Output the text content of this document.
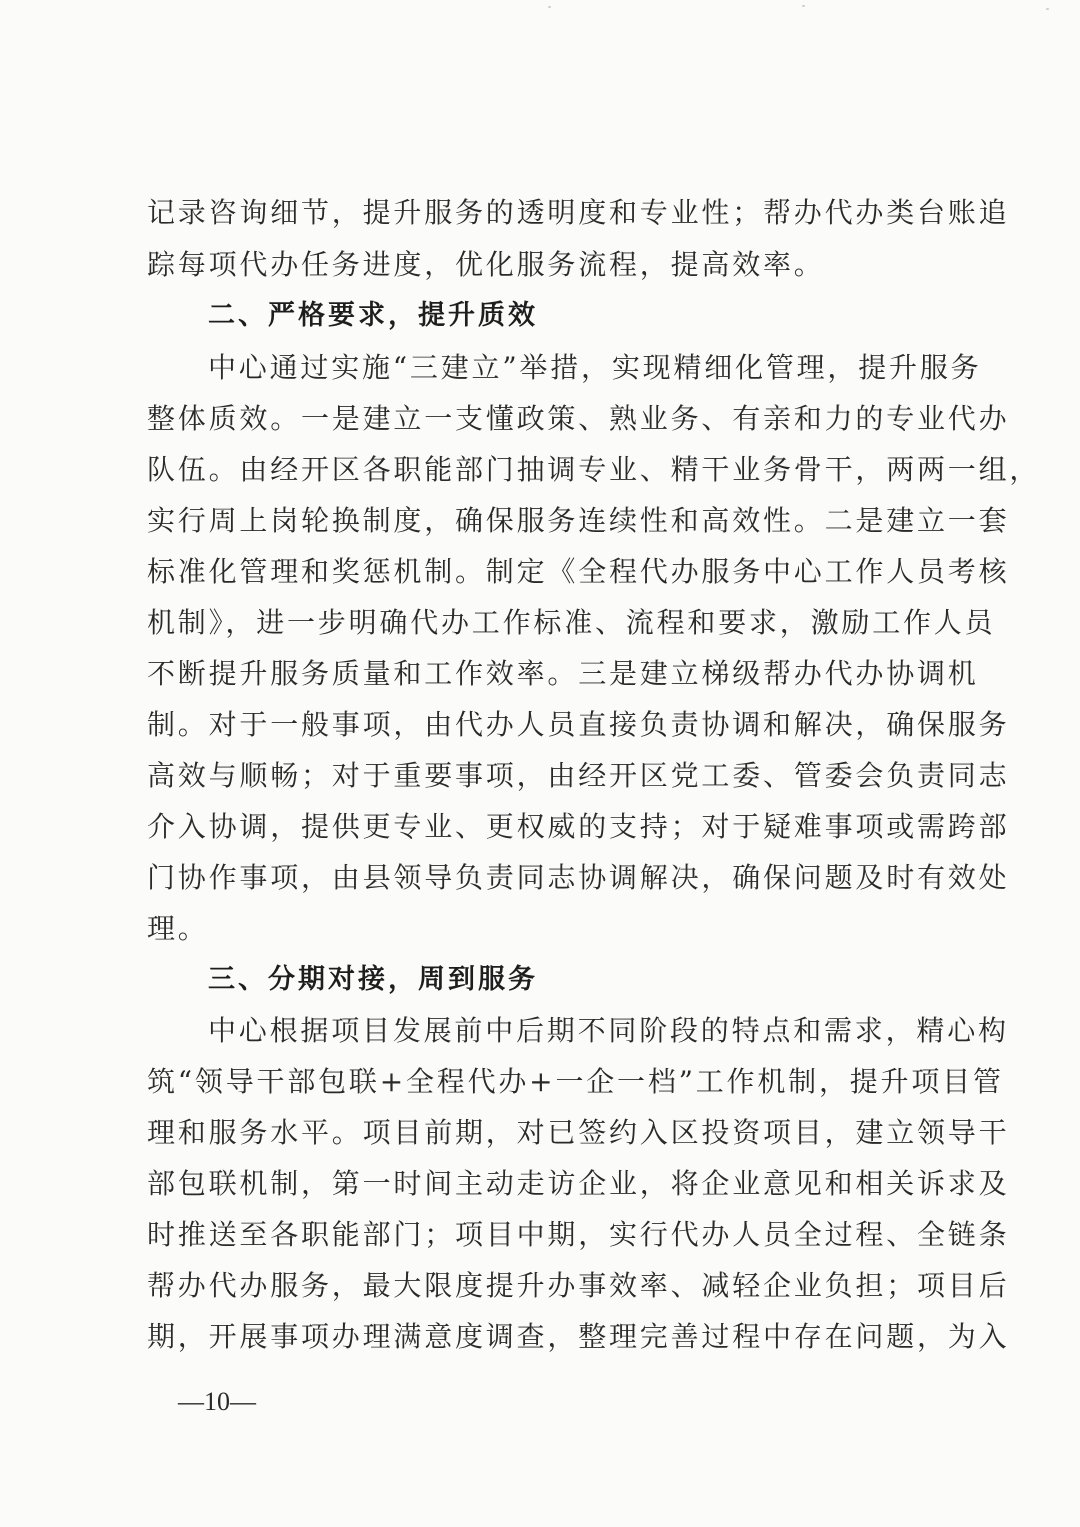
记录咨询细节，提升服务的透明度和专业性；帮办代办类台账追
踪每项代办任务进度，优化服务流程，提高效率。
二、严格要求，提升质效
中心通过实施“三建立”举措，实现精细化管理，提升服务
整体质效。一是建立一支懂政策、熟业务、有亲和力的专业代办
队伍。由经开区各职能部门抽调专业、精干业务骨干，两两一组，
实行周上岗轮换制度，确保服务连续性和高效性。二是建立一套
标准化管理和奖惩机制。制定《全程代办服务中心工作人员考核
机制》，进一步明确代办工作标准、流程和要求，激励工作人员
不断提升服务质量和工作效率。三是建立梯级帮办代办协调机
制。对于一般事项，由代办人员直接负责协调和解决，确保服务
高效与顺畅；对于重要事项，由经开区党工委、管委会负责同志
介入协调，提供更专业、更权威的支持；对于疑难事项或需跨部
门协作事项，由县领导负责同志协调解决，确保问题及时有效处
理。
三、分期对接，周到服务
中心根据项目发展前中后期不同阶段的特点和需求，精心构
筑“领导干部包联+全程代办+一企一档”工作机制，提升项目管
理和服务水平。项目前期，对已签约入区投资项目，建立领导干
部包联机制，第一时间主动走访企业，将企业意见和相关诉求及
时推送至各职能部门；项目中期，实行代办人员全过程、全链条
帮办代办服务，最大限度提升办事效率、减轻企业负担；项目后
期，开展事项办理满意度调查，整理完善过程中存在问题，为入
—10—
